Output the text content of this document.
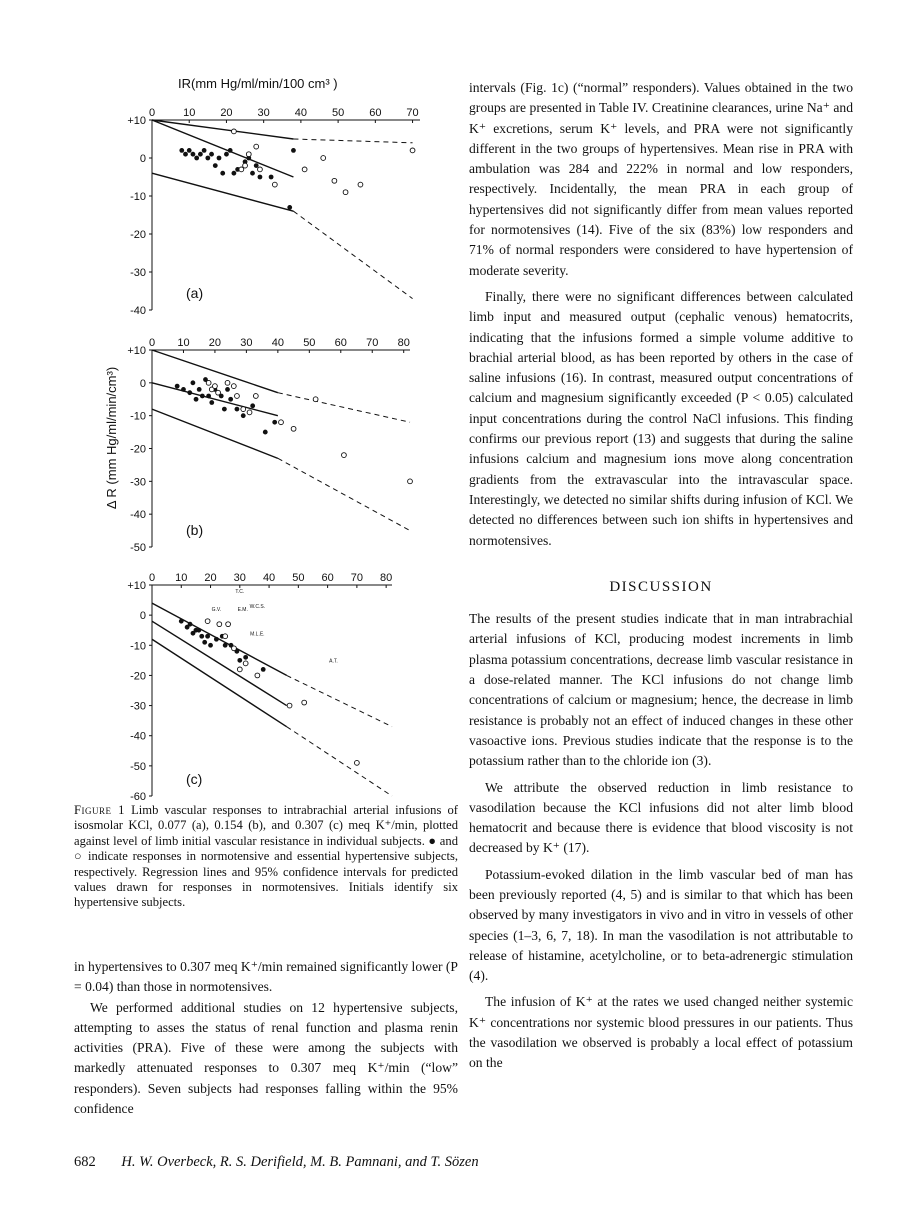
IR(mm Hg/ml/min/100 cm³ )
Δ R (mm Hg/ml/min/cm³)
0	10 20 30 40 50 60 70
+10
0
-10
-20
-30
-40
(a)
0 10 20 30 40 50 60 70 80
+10
0
-10
-20
-30
-40
-50
(b)
0 10 20 30 40 50 60 70 80
+10
0
-10
-20
-30
-40
-50
-60
G.V.
T.C.
E.M.
W.C.S.
M.L.E.
A.T.
(c)
Figure 1 Limb vascular responses to intrabrachial arterial infusions of isosmolar KCl, 0.077 (a), 0.154 (b), and 0.307 (c) meq K⁺/min, plotted against level of limb initial vascular resistance in individual subjects. ● and ○ indicate responses in normotensive and essential hypertensive subjects, respectively. Regression lines and 95% confidence intervals for predicted values drawn for responses in normotensives. Initials identify six hypertensive subjects.

in hypertensives to 0.307 meq K⁺/min remained significantly lower (P = 0.04) than those in normotensives.

We performed additional studies on 12 hypertensive subjects, attempting to asses the status of renal function and plasma renin activities (PRA). Five of these were among the subjects with markedly attenuated responses to 0.307 meq K⁺/min (“low” responders). Seven subjects had responses falling within the 95% confidence

intervals (Fig. 1c) (“normal” responders). Values obtained in the two groups are presented in Table IV. Creatinine clearances, urine Na⁺ and K⁺ excretions, serum K⁺ levels, and PRA were not significantly different in the two groups of hypertensives. Mean rise in PRA with ambulation was 284 and 222% in normal and low responders, respectively. Incidentally, the mean PRA in each group of hypertensives did not significantly differ from mean values reported for normotensives (14). Five of the six (83%) low responders and 71% of normal responders were considered to have hypertension of moderate severity.

Finally, there were no significant differences between calculated limb input and measured output (cephalic venous) hematocrits, indicating that the infusions formed a simple volume additive to brachial arterial blood, as has been reported by others in the case of saline infusions (16). In contrast, measured output concentrations of calcium and magnesium significantly exceeded (P < 0.05) calculated input concentrations during the control NaCl infusions. This finding confirms our previous report (13) and suggests that during the saline infusions calcium and magnesium ions move along concentration gradients from the extravascular into the intravascular space. Interestingly, we detected no similar shifts during infusion of KCl. We detected no differences between such ion shifts in hypertensives and normotensives.

DISCUSSION

The results of the present studies indicate that in man intrabrachial arterial infusions of KCl, producing modest increments in limb plasma potassium concentrations, decrease limb vascular resistance in a dose-related manner. The KCl infusions do not change limb concentrations of calcium or magnesium; hence, the decrease in limb resistance is probably not an effect of induced changes in these other vasoactive ions. Previous studies indicate that the response is to the potassium rather than to the chloride ion (3).

We attribute the observed reduction in limb resistance to vasodilation because the KCl infusions did not alter limb blood hematocrit and because there is evidence that blood viscosity is not decreased by K⁺ (17).

Potassium-evoked dilation in the limb vascular bed of man has been previously reported (4, 5) and is similar to that which has been observed by many investigators in vivo and in vitro in vessels of other species (1–3, 6, 7, 18). In man the vasodilation is not attributable to release of histamine, acetylcholine, or to beta-adrenergic stimulation (4).

The infusion of K⁺ at the rates we used changed neither systemic K⁺ concentrations nor systemic blood pressures in our patients. Thus the vasodilation we observed is probably a local effect of potassium on the

682 H. W. Overbeck, R. S. Derifield, M. B. Pamnani, and T. Sözen
